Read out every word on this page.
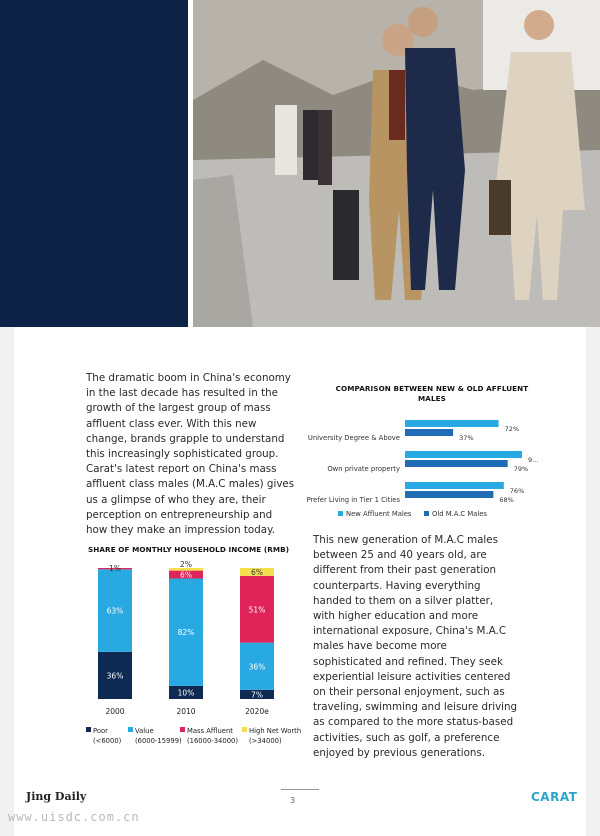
The dramatic boom in China's economy in the last decade has resulted in the growth of the largest group of mass affluent class ever. With this new change, brands grapple to understand this increasingly sophisticated group. Carat's latest report on China's mass affluent class males (M.A.C males) gives us a glimpse of who they are, their perception on entrepreneurship and how they make an impression today.

COMPARISON BETWEEN NEW & OLD AFFLUENT MALES
72%
37%
University Degree & Above
9...
79%
Own private property
76%
68%
Prefer Living in Tier 1 Cities
New Affluent Males	Old M.A.C Males
SHARE OF MONTHLY HOUSEHOLD INCOME (RMB)
36%
63%
1%
2000
10%
82%
6%
2%
2010
7%
36%
51%
6%
2020e
Poor
(<6000)
Value
(6000-15999)
Mass Affluent
(16000-34000)
High Net Worth
(>34000)

This new generation of M.A.C males between 25 and 40 years old, are different from their past generation counterparts. Having everything handed to them on a silver platter, with higher education and more international exposure, China's M.A.C males have become more sophisticated and refined. They seek experiential leisure activities centered on their personal enjoyment, such as traveling, swimming and leisure driving as compared to the more status-based activities, such as golf, a preference enjoyed by previous generations.

Jing Daily	3	CARAT
www.uisdc.com.cn
